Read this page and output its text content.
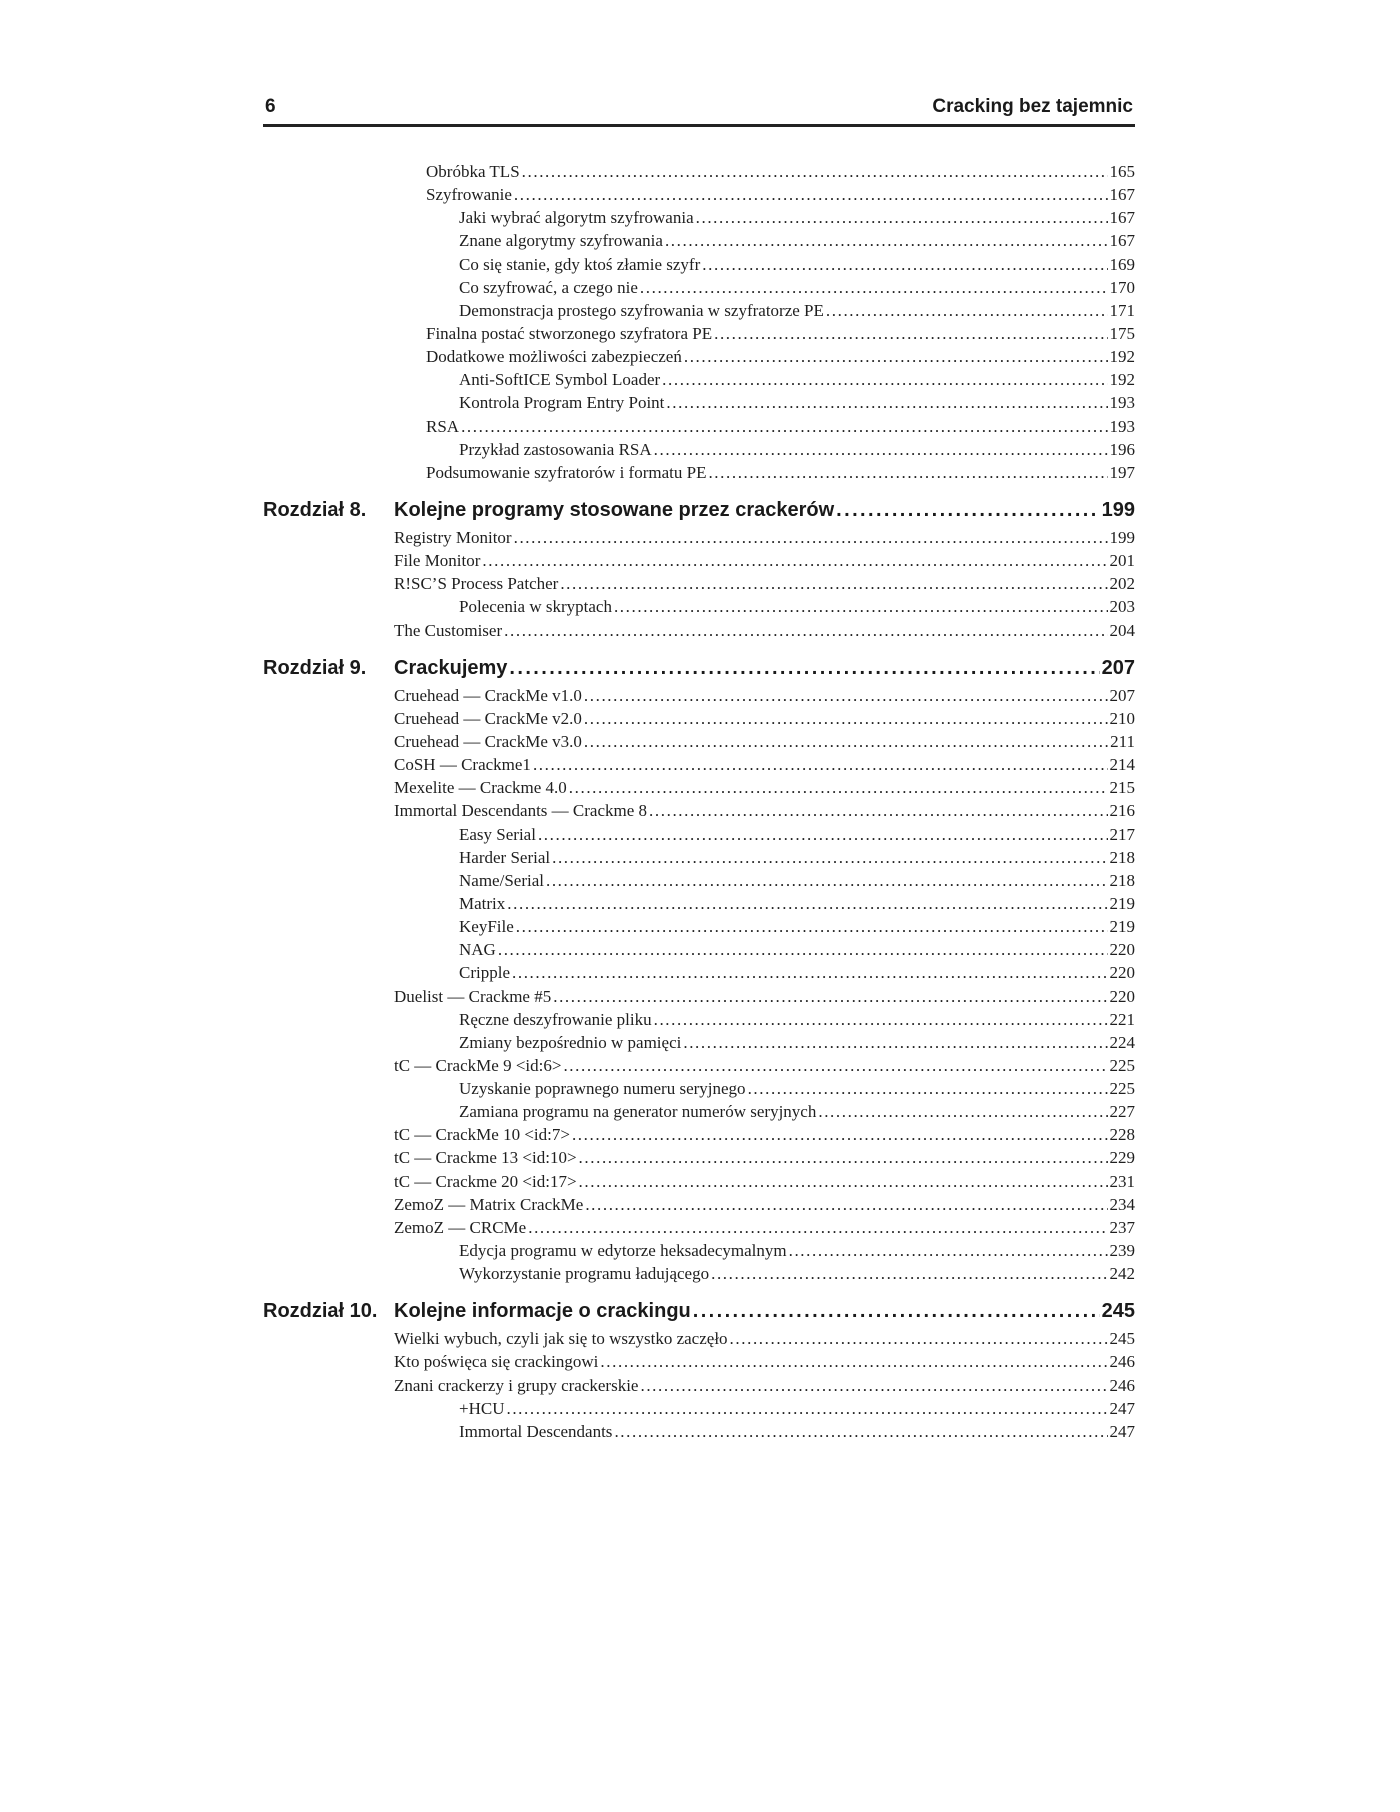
6	Cracking bez tajemnic
Obróbka TLS .....	165
Szyfrowanie .....	167
Jaki wybrać algorytm szyfrowania .....	167
Znane algorytmy szyfrowania .....	167
Co się stanie, gdy ktoś złamie szyfr .....	169
Co szyfrować, a czego nie .....	170
Demonstracja prostego szyfrowania w szyfratorze PE .....	171
Finalna postać stworzonego szyfratora PE .....	175
Dodatkowe możliwości zabezpieczeń .....	192
Anti-SoftICE Symbol Loader .....	192
Kontrola Program Entry Point .....	193
RSA .....	193
Przykład zastosowania RSA .....	196
Podsumowanie szyfratorów i formatu PE .....	197
Rozdział 8.	Kolejne programy stosowane przez crackerów .....	199
Registry Monitor .....	199
File Monitor .....	201
R!SC’S Process Patcher .....	202
Polecenia w skryptach .....	203
The Customiser .....	204
Rozdział 9.	Crackujemy .....	207
Cruehead — CrackMe v1.0 .....	207
Cruehead — CrackMe v2.0 .....	210
Cruehead — CrackMe v3.0 .....	211
CoSH — Crackme1 .....	214
Mexelite — Crackme 4.0 .....	215
Immortal Descendants — Crackme 8 .....	216
Easy Serial .....	217
Harder Serial .....	218
Name/Serial .....	218
Matrix .....	219
KeyFile .....	219
NAG .....	220
Cripple .....	220
Duelist — Crackme #5 .....	220
Ręczne deszyfrowanie pliku .....	221
Zmiany bezpośrednio w pamięci .....	224
tC — CrackMe 9 <id:6> .....	225
Uzyskanie poprawnego numeru seryjnego .....	225
Zamiana programu na generator numerów seryjnych .....	227
tC — CrackMe 10 <id:7> .....	228
tC — Crackme 13 <id:10> .....	229
tC — Crackme 20 <id:17> .....	231
ZemoZ — Matrix CrackMe .....	234
ZemoZ — CRCMe .....	237
Edycja programu w edytorze heksadecymalnym .....	239
Wykorzystanie programu ładującego .....	242
Rozdział 10. Kolejne informacje o crackingu .....	245
Wielki wybuch, czyli jak się to wszystko zaczęło .....	245
Kto poświęca się crackingowi .....	246
Znani crackerzy i grupy crackerskie .....	246
+HCU .....	247
Immortal Descendants .....	247
